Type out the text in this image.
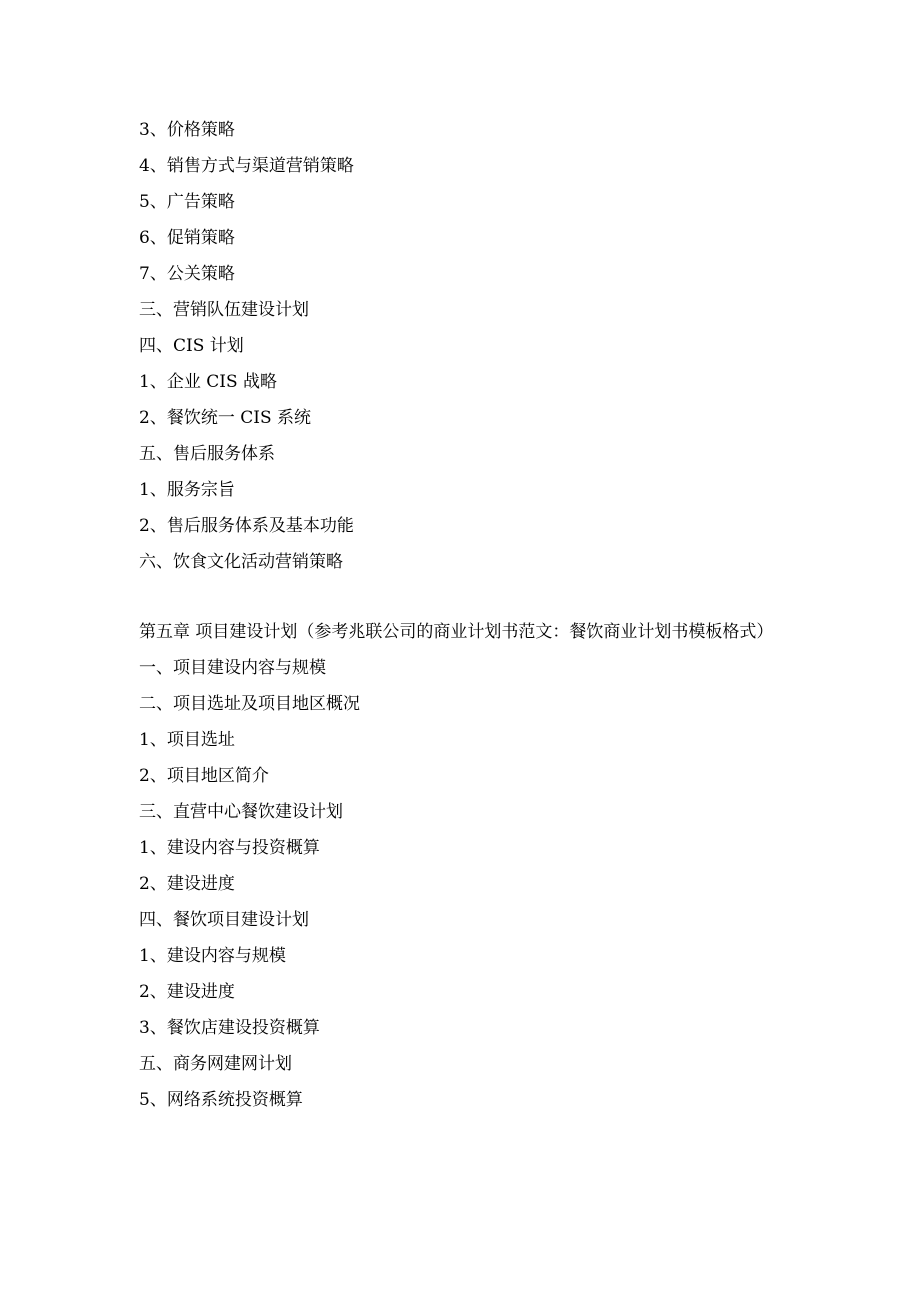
3、价格策略
4、销售方式与渠道营销策略
5、广告策略
6、促销策略
7、公关策略
三、营销队伍建设计划
四、CIS 计划
1、企业 CIS 战略
2、餐饮统一 CIS 系统
五、售后服务体系
1、服务宗旨
2、售后服务体系及基本功能
六、饮食文化活动营销策略
第五章 项目建设计划（参考兆联公司的商业计划书范文：餐饮商业计划书模板格式）
一、项目建设内容与规模
二、项目选址及项目地区概况
1、项目选址
2、项目地区简介
三、直营中心餐饮建设计划
1、建设内容与投资概算
2、建设进度
四、餐饮项目建设计划
1、建设内容与规模
2、建设进度
3、餐饮店建设投资概算
五、商务网建网计划
5、网络系统投资概算
